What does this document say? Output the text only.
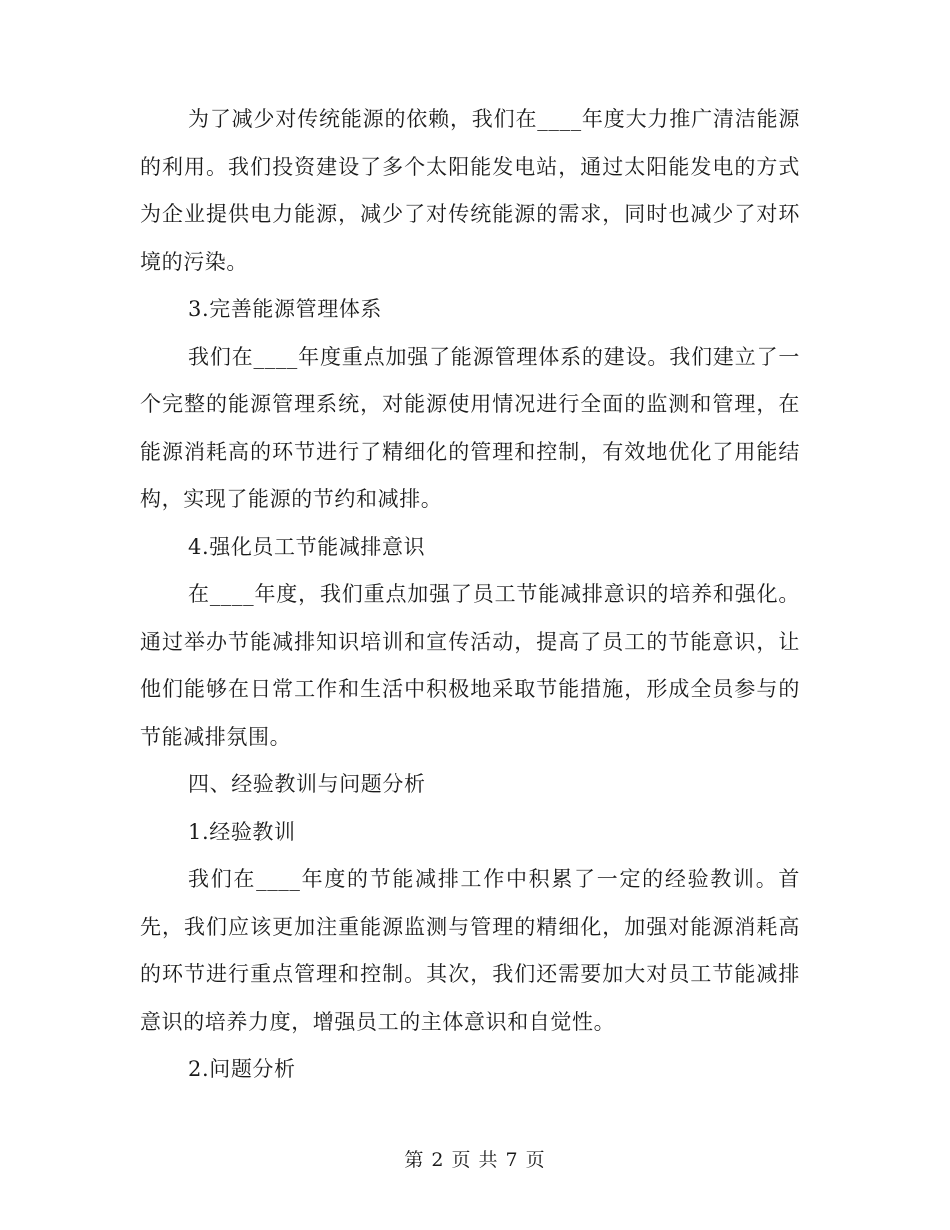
为了减少对传统能源的依赖，我们在____年度大力推广清洁能源的利用。我们投资建设了多个太阳能发电站，通过太阳能发电的方式为企业提供电力能源，减少了对传统能源的需求，同时也减少了对环境的污染。

3.完善能源管理体系

我们在____年度重点加强了能源管理体系的建设。我们建立了一个完整的能源管理系统，对能源使用情况进行全面的监测和管理，在能源消耗高的环节进行了精细化的管理和控制，有效地优化了用能结构，实现了能源的节约和减排。

4.强化员工节能减排意识

在____年度，我们重点加强了员工节能减排意识的培养和强化。通过举办节能减排知识培训和宣传活动，提高了员工的节能意识，让他们能够在日常工作和生活中积极地采取节能措施，形成全员参与的节能减排氛围。

四、经验教训与问题分析

1.经验教训

我们在____年度的节能减排工作中积累了一定的经验教训。首先，我们应该更加注重能源监测与管理的精细化，加强对能源消耗高的环节进行重点管理和控制。其次，我们还需要加大对员工节能减排意识的培养力度，增强员工的主体意识和自觉性。

2.问题分析

第 2 页 共 7 页
